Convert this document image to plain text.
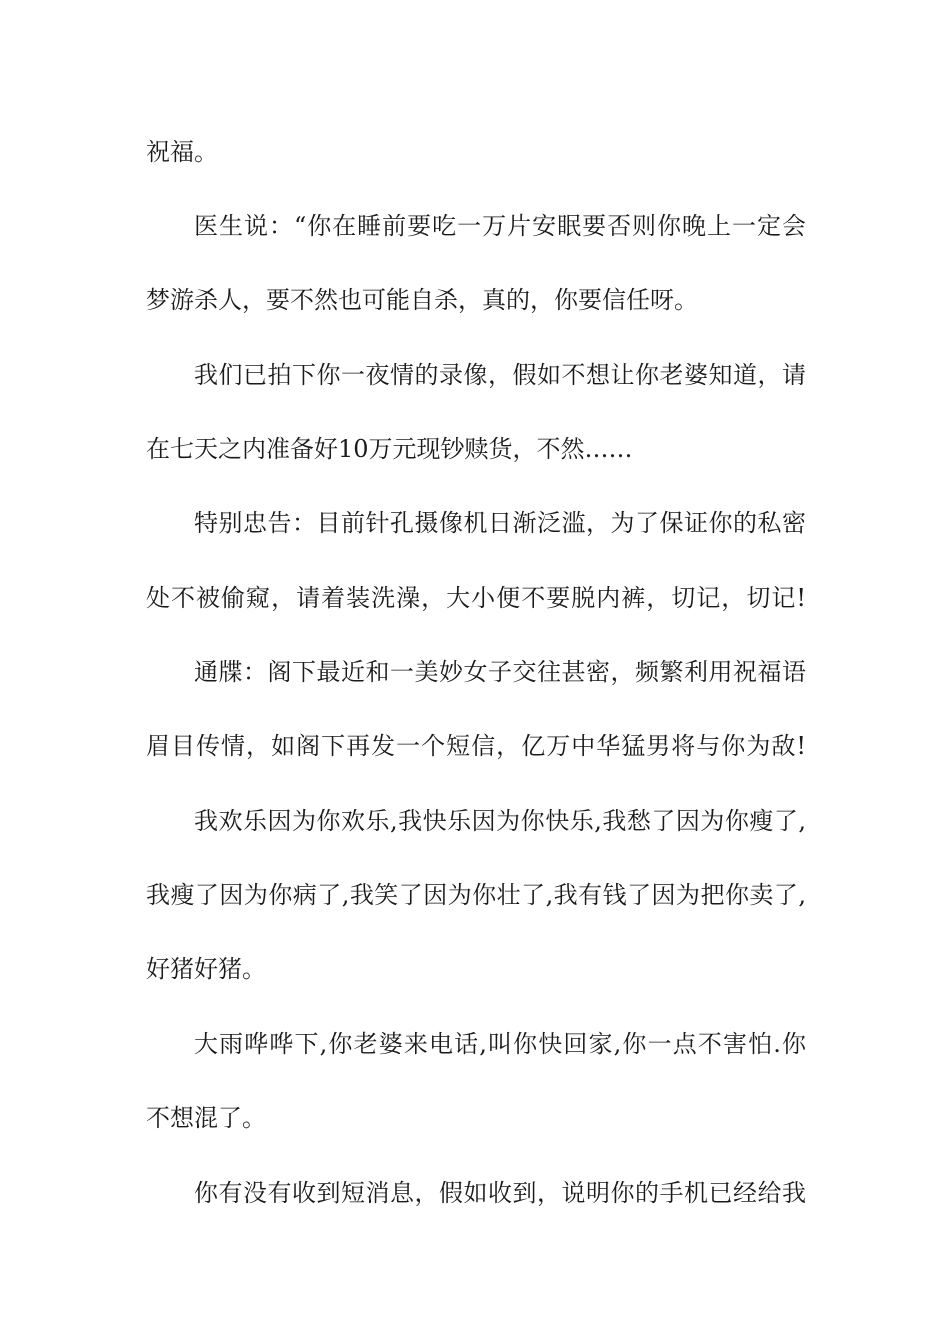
祝福。
医生说：“你在睡前要吃一万片安眠要否则你晚上一定会
梦游杀人，要不然也可能自杀，真的，你要信任呀。
我们已拍下你一夜情的录像，假如不想让你老婆知道，请
在七天之内准备好10万元现钞赎货，不然……
特别忠告：目前针孔摄像机日渐泛滥，为了保证你的私密
处不被偷窥，请着装洗澡，大小便不要脱内裤，切记，切记!
通牒：阁下最近和一美妙女子交往甚密，频繁利用祝福语
眉目传情，如阁下再发一个短信，亿万中华猛男将与你为敌!
我欢乐因为你欢乐,我快乐因为你快乐,我愁了因为你瘦了,
我瘦了因为你病了,我笑了因为你壮了,我有钱了因为把你卖了,
好猪好猪。
大雨哗哗下,你老婆来电话,叫你快回家,你一点不害怕.你
不想混了。
你有没有收到短消息，假如收到，说明你的手机已经给我
